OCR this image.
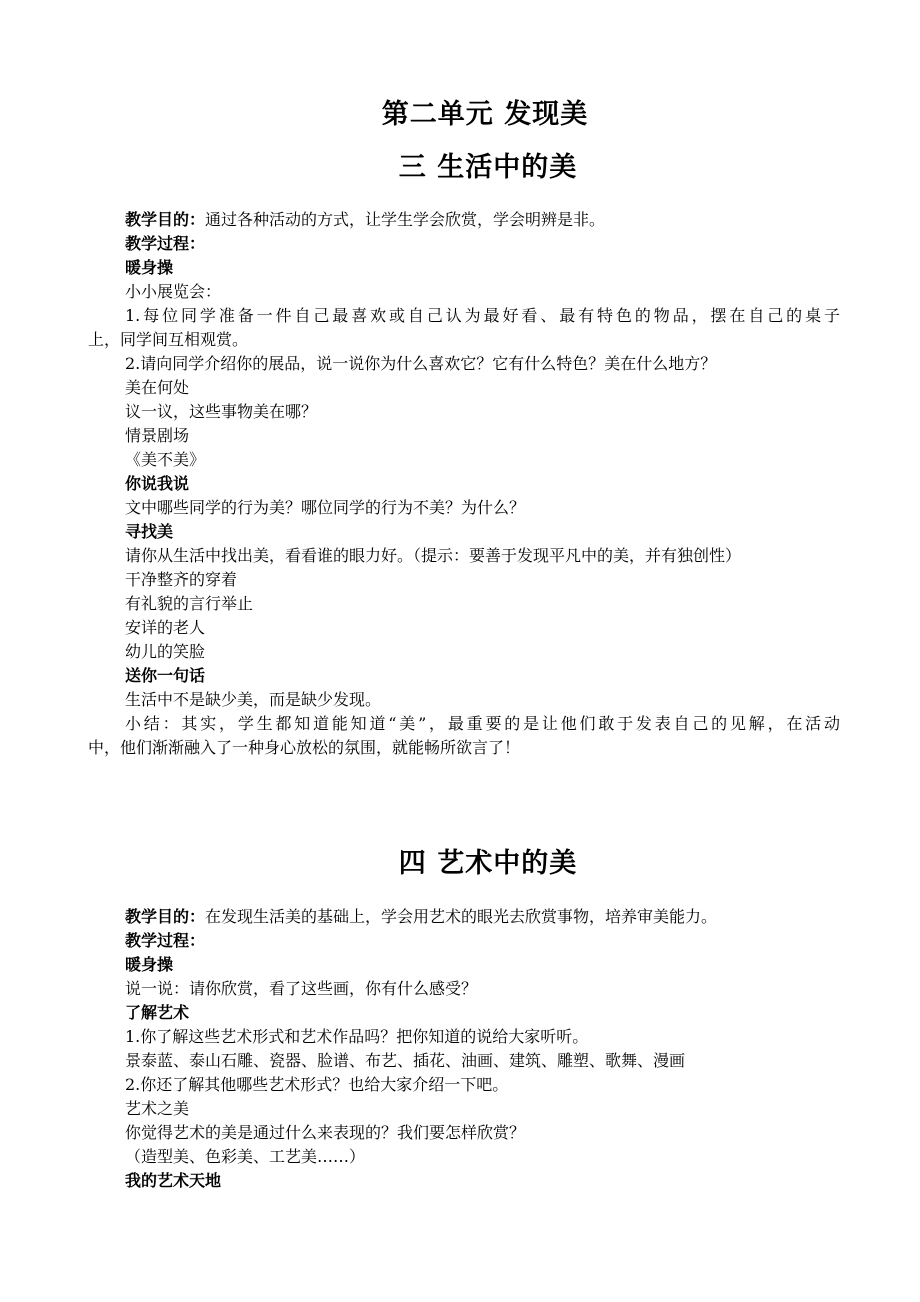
第二单元 发现美
三 生活中的美
教学目的：通过各种活动的方式，让学生学会欣赏，学会明辨是非。
教学过程：
暖身操
小小展览会：
1.每位同学准备一件自己最喜欢或自己认为最好看、最有特色的物品，摆在自己的桌子
上，同学间互相观赏。
2.请向同学介绍你的展品，说一说你为什么喜欢它？它有什么特色？美在什么地方？
美在何处
议一议，这些事物美在哪？
情景剧场
《美不美》
你说我说
文中哪些同学的行为美？哪位同学的行为不美？为什么？
寻找美
请你从生活中找出美，看看谁的眼力好。（提示：要善于发现平凡中的美，并有独创性）
干净整齐的穿着
有礼貌的言行举止
安详的老人
幼儿的笑脸
送你一句话
生活中不是缺少美，而是缺少发现。
小结：其实，学生都知道能知道“美”，最重要的是让他们敢于发表自己的见解，在活动
中，他们渐渐融入了一种身心放松的氛围，就能畅所欲言了！
四 艺术中的美
教学目的：在发现生活美的基础上，学会用艺术的眼光去欣赏事物，培养审美能力。
教学过程：
暖身操
说一说：请你欣赏，看了这些画，你有什么感受？
了解艺术
1.你了解这些艺术形式和艺术作品吗？把你知道的说给大家听听。
景泰蓝、泰山石雕、瓷器、脸谱、布艺、插花、油画、建筑、雕塑、歌舞、漫画
2.你还了解其他哪些艺术形式？也给大家介绍一下吧。
艺术之美
你觉得艺术的美是通过什么来表现的？我们要怎样欣赏？
（造型美、色彩美、工艺美……）
我的艺术天地
